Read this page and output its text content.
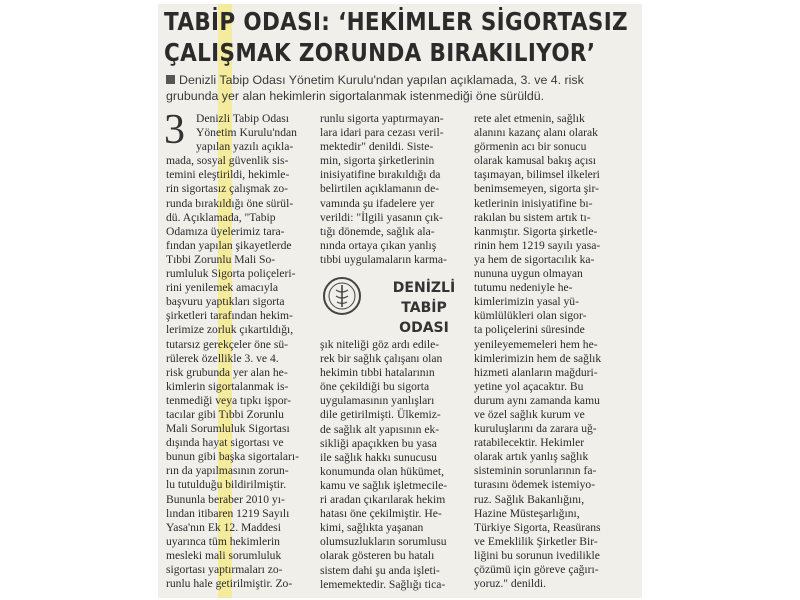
TABİP ODASI: ‘HEKİMLER SİGORTASIZ
ÇALIŞMAK ZORUNDA BIRAKILIYOR’

Denizli Tabip Odası Yönetim Kurulu'ndan yapılan açıklamada, 3. ve 4. risk grubunda yer alan hekimlerin sigortalanmak istenmediği öne sürüldü.

3 Denizli Tabip Odası
Yönetim Kurulu'ndan
yapılan yazılı açıkla-
mada, sosyal güvenlik sis-
temini eleştirildi, hekimle-
rin sigortasız çalışmak zo-
runda bırakıldığı öne sürül-
dü. Açıklamada, "Tabip
Odamıza üyelerimiz tara-
fından yapılan şikayetlerde
Tıbbi Zorunlu Mali So-
rumluluk Sigorta poliçeleri-
rini yenilemek amacıyla
başvuru yaptıkları sigorta
şirketleri tarafından hekim-
lerimize zorluk çıkartıldığı,
tutarsız gerekçeler öne sü-
rülerek özellikle 3. ve 4.
risk grubunda yer alan he-
kimlerin sigortalanmak is-
tenmediği veya tıpkı işpor-
tacılar gibi Tıbbi Zorunlu
Mali Sorumluluk Sigortası
dışında hayat sigortası ve
bunun gibi başka sigortaları-
rın da yapılmasının zorun-
lu tutulduğu bildirilmiştir.
Bununla beraber 2010 yı-
lından itibaren 1219 Sayılı
Yasa'nın Ek 12. Maddesi
uyarınca tüm hekimlerin
mesleki mali sorumluluk
sigortası yaptırmaları zo-
runlu hale getirilmiştir. Zo-
runlu sigorta yaptırmayan-
lara idari para cezası veril-
mektedir" denildi. Siste-
min, sigorta şirketlerinin
inisiyatifine bırakıldığı da
belirtilen açıklamanın de-
vamında şu ifadelere yer
verildi: "İlgili yasanın çık-
tığı dönemde, sağlık ala-
nında ortaya çıkan yanlış
tıbbi uygulamaların karma-
DENİZLİ TABİP
ODASI
şık niteliği göz ardı edile-
rek bir sağlık çalışanı olan
hekimin tıbbi hatalarının
öne çekildiği bu sigorta
uygulamasının yanlışları
dile getirilmişti. Ülkemiz-
de sağlık alt yapısının ek-
sikliği apaçıkken bu yasa
ile sağlık hakkı sunucusu
konumunda olan hükümet,
kamu ve sağlık işletmecile-
ri aradan çıkarılarak hekim
hatası öne çekilmiştir. He-
kimi, sağlıkta yaşanan
olumsuzlukların sorumlusu
olarak gösteren bu hatalı
sistem dahi şu anda işleti-
lememektedir. Sağlığı tica-
rete alet etmenin, sağlık
alanını kazanç alanı olarak
görmenin acı bir sonucu
olarak kamusal bakış açısı
taşımayan, bilimsel ilkeleri
benimsemeyen, sigorta şir-
ketlerinin inisiyatifine bı-
rakılan bu sistem artık tı-
kanmıştır. Sigorta şirketle-
rinin hem 1219 sayılı yasa-
ya hem de sigortacılık ka-
nununa uygun olmayan
tutumu nedeniyle he-
kimlerimizin yasal yü-
kümlülükleri olan sigor-
ta poliçelerini süresinde
yenileyememeleri hem he-
kimlerimizin hem de sağlık
hizmeti alanların mağduri-
yetine yol açacaktır. Bu
durum aynı zamanda kamu
ve özel sağlık kurum ve
kuruluşlarını da zarara uğ-
ratabilecektir. Hekimler
olarak artık yanlış sağlık
sisteminin sorunlarının fa-
turasını ödemek istemiyo-
ruz. Sağlık Bakanlığını,
Hazine Müsteşarlığını,
Türkiye Sigorta, Reasürans
ve Emeklilik Şirketler Bir-
liğini bu sorunun ivedilikle
çözümü için göreve çağırı-
yoruz." denildi.
